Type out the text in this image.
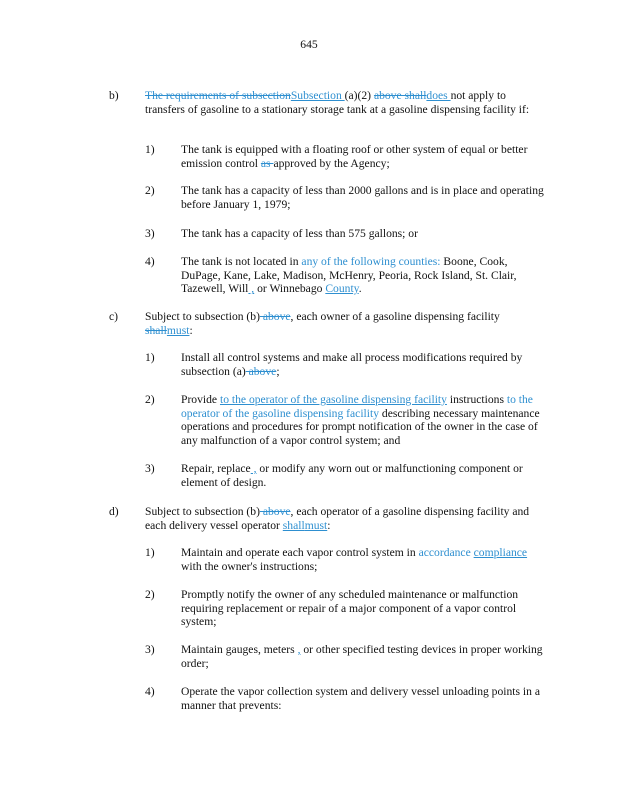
645
b) The requirements of subsectionSubsection (a)(2) above shalldoes not apply to transfers of gasoline to a stationary storage tank at a gasoline dispensing facility if:
1) The tank is equipped with a floating roof or other system of equal or better emission control as approved by the Agency;
2) The tank has a capacity of less than 2000 gallons and is in place and operating before January 1, 1979;
3) The tank has a capacity of less than 575 gallons; or
4) The tank is not located in any of the following counties: Boone, Cook, DuPage, Kane, Lake, Madison, McHenry, Peoria, Rock Island, St. Clair, Tazewell, Will , or Winnebago County.
c) Subject to subsection (b) above, each owner of a gasoline dispensing facility shallmust:
1) Install all control systems and make all process modifications required by subsection (a) above;
2) Provide to the operator of the gasoline dispensing facility instructions to the operator of the gasoline dispensing facility describing necessary maintenance operations and procedures for prompt notification of the owner in the case of any malfunction of a vapor control system; and
3) Repair, replace , or modify any worn out or malfunctioning component or element of design.
d) Subject to subsection (b) above, each operator of a gasoline dispensing facility and each delivery vessel operator shallmust:
1) Maintain and operate each vapor control system in accordance compliance with the owner's instructions;
2) Promptly notify the owner of any scheduled maintenance or malfunction requiring replacement or repair of a major component of a vapor control system;
3) Maintain gauges, meters , or other specified testing devices in proper working order;
4) Operate the vapor collection system and delivery vessel unloading points in a manner that prevents:
